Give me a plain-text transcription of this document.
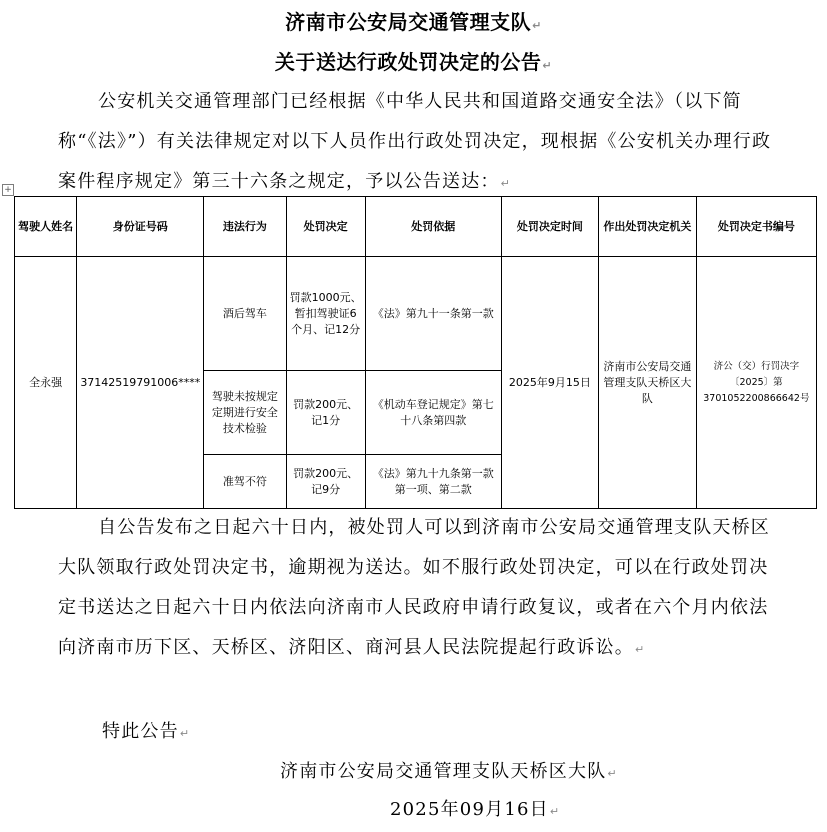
济南市公安局交通管理支队↵
关于送达行政处罚决定的公告↵

公安机关交通管理部门已经根据《中华人民共和国道路交通安全法》（以下简称“《法》”）有关法律规定对以下人员作出行政处罚决定，现根据《公安机关办理行政案件程序规定》第三十六条之规定，予以公告送达：↵

+
驾驶人姓名	身份证号码	违法行为	处罚决定	处罚依据	处罚决定时间	作出处罚决定机关	处罚决定书编号
全永强	37142519791006****	酒后驾车	罚款1000元、暂扣驾驶证6个月、记12分	《法》第九十一条第一款	2025年9月15日	济南市公安局交通管理支队天桥区大队	济公（交）行罚决字〔2025〕第3701052200866642号
		驾驶未按规定定期进行安全技术检验	罚款200元、记1分	《机动车登记规定》第七十八条第四款			
		准驾不符	罚款200元、记9分	《法》第九十九条第一款第一项、第二款			

自公告发布之日起六十日内，被处罚人可以到济南市公安局交通管理支队天桥区大队领取行政处罚决定书，逾期视为送达。如不服行政处罚决定，可以在行政处罚决定书送达之日起六十日内依法向济南市人民政府申请行政复议，或者在六个月内依法向济南市历下区、天桥区、济阳区、商河县人民法院提起行政诉讼。↵

特此公告↵

济南市公安局交通管理支队天桥区大队↵

2025年09月16日↵
